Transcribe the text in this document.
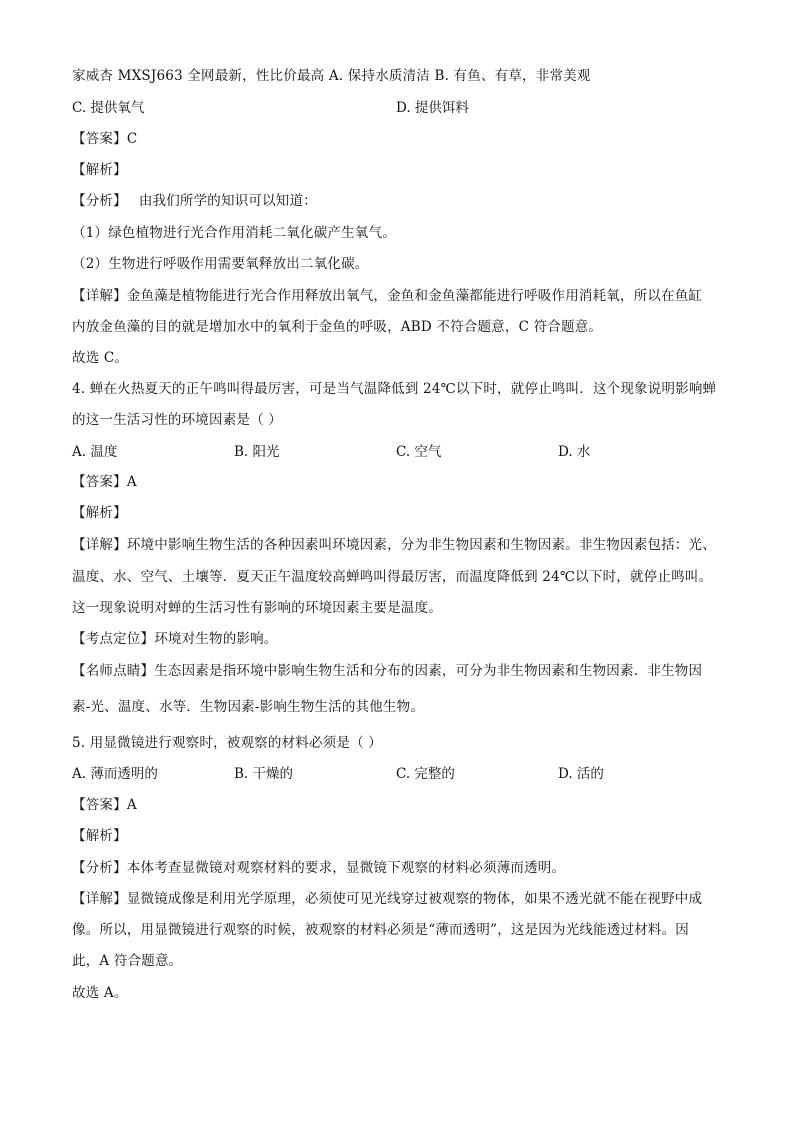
家威杏 MXSJ663 全网最新，性比价最高 A. 保持水质清洁 B. 有鱼、有草，非常美观
C. 提供氧气	D. 提供饵料
【答案】C
【解析】
【分析】 由我们所学的知识可以知道：
（1）绿色植物进行光合作用消耗二氧化碳产生氧气。
（2）生物进行呼吸作用需要氧释放出二氧化碳。
【详解】金鱼藻是植物能进行光合作用释放出氧气，金鱼和金鱼藻都能进行呼吸作用消耗氧，所以在鱼缸
内放金鱼藻的目的就是增加水中的氧利于金鱼的呼吸，ABD 不符合题意，C 符合题意。
故选 C。
4. 蝉在火热夏天的正午鸣叫得最厉害，可是当气温降低到 24℃以下时，就停止鸣叫．这个现象说明影响蝉
的这一生活习性的环境因素是（ ）
A. 温度	B. 阳光	C. 空气	D. 水
【答案】A
【解析】
【详解】环境中影响生物生活的各种因素叫环境因素，分为非生物因素和生物因素。非生物因素包括：光、
温度、水、空气、土壤等．夏天正午温度较高蝉鸣叫得最厉害，而温度降低到 24℃以下时，就停止鸣叫。
这一现象说明对蝉的生活习性有影响的环境因素主要是温度。
【考点定位】环境对生物的影响。
【名师点睛】生态因素是指环境中影响生物生活和分布的因素，可分为非生物因素和生物因素．非生物因
素-光、温度、水等．生物因素-影响生物生活的其他生物。
5. 用显微镜进行观察时，被观察的材料必须是（ ）
A. 薄而透明的	B. 干燥的	C. 完整的	D. 活的
【答案】A
【解析】
【分析】本体考查显微镜对观察材料的要求，显微镜下观察的材料必须薄而透明。
【详解】显微镜成像是利用光学原理，必须使可见光线穿过被观察的物体，如果不透光就不能在视野中成
像。所以，用显微镜进行观察的时候，被观察的材料必须是“薄而透明”，这是因为光线能透过材料。因
此，A 符合题意。
故选 A。
